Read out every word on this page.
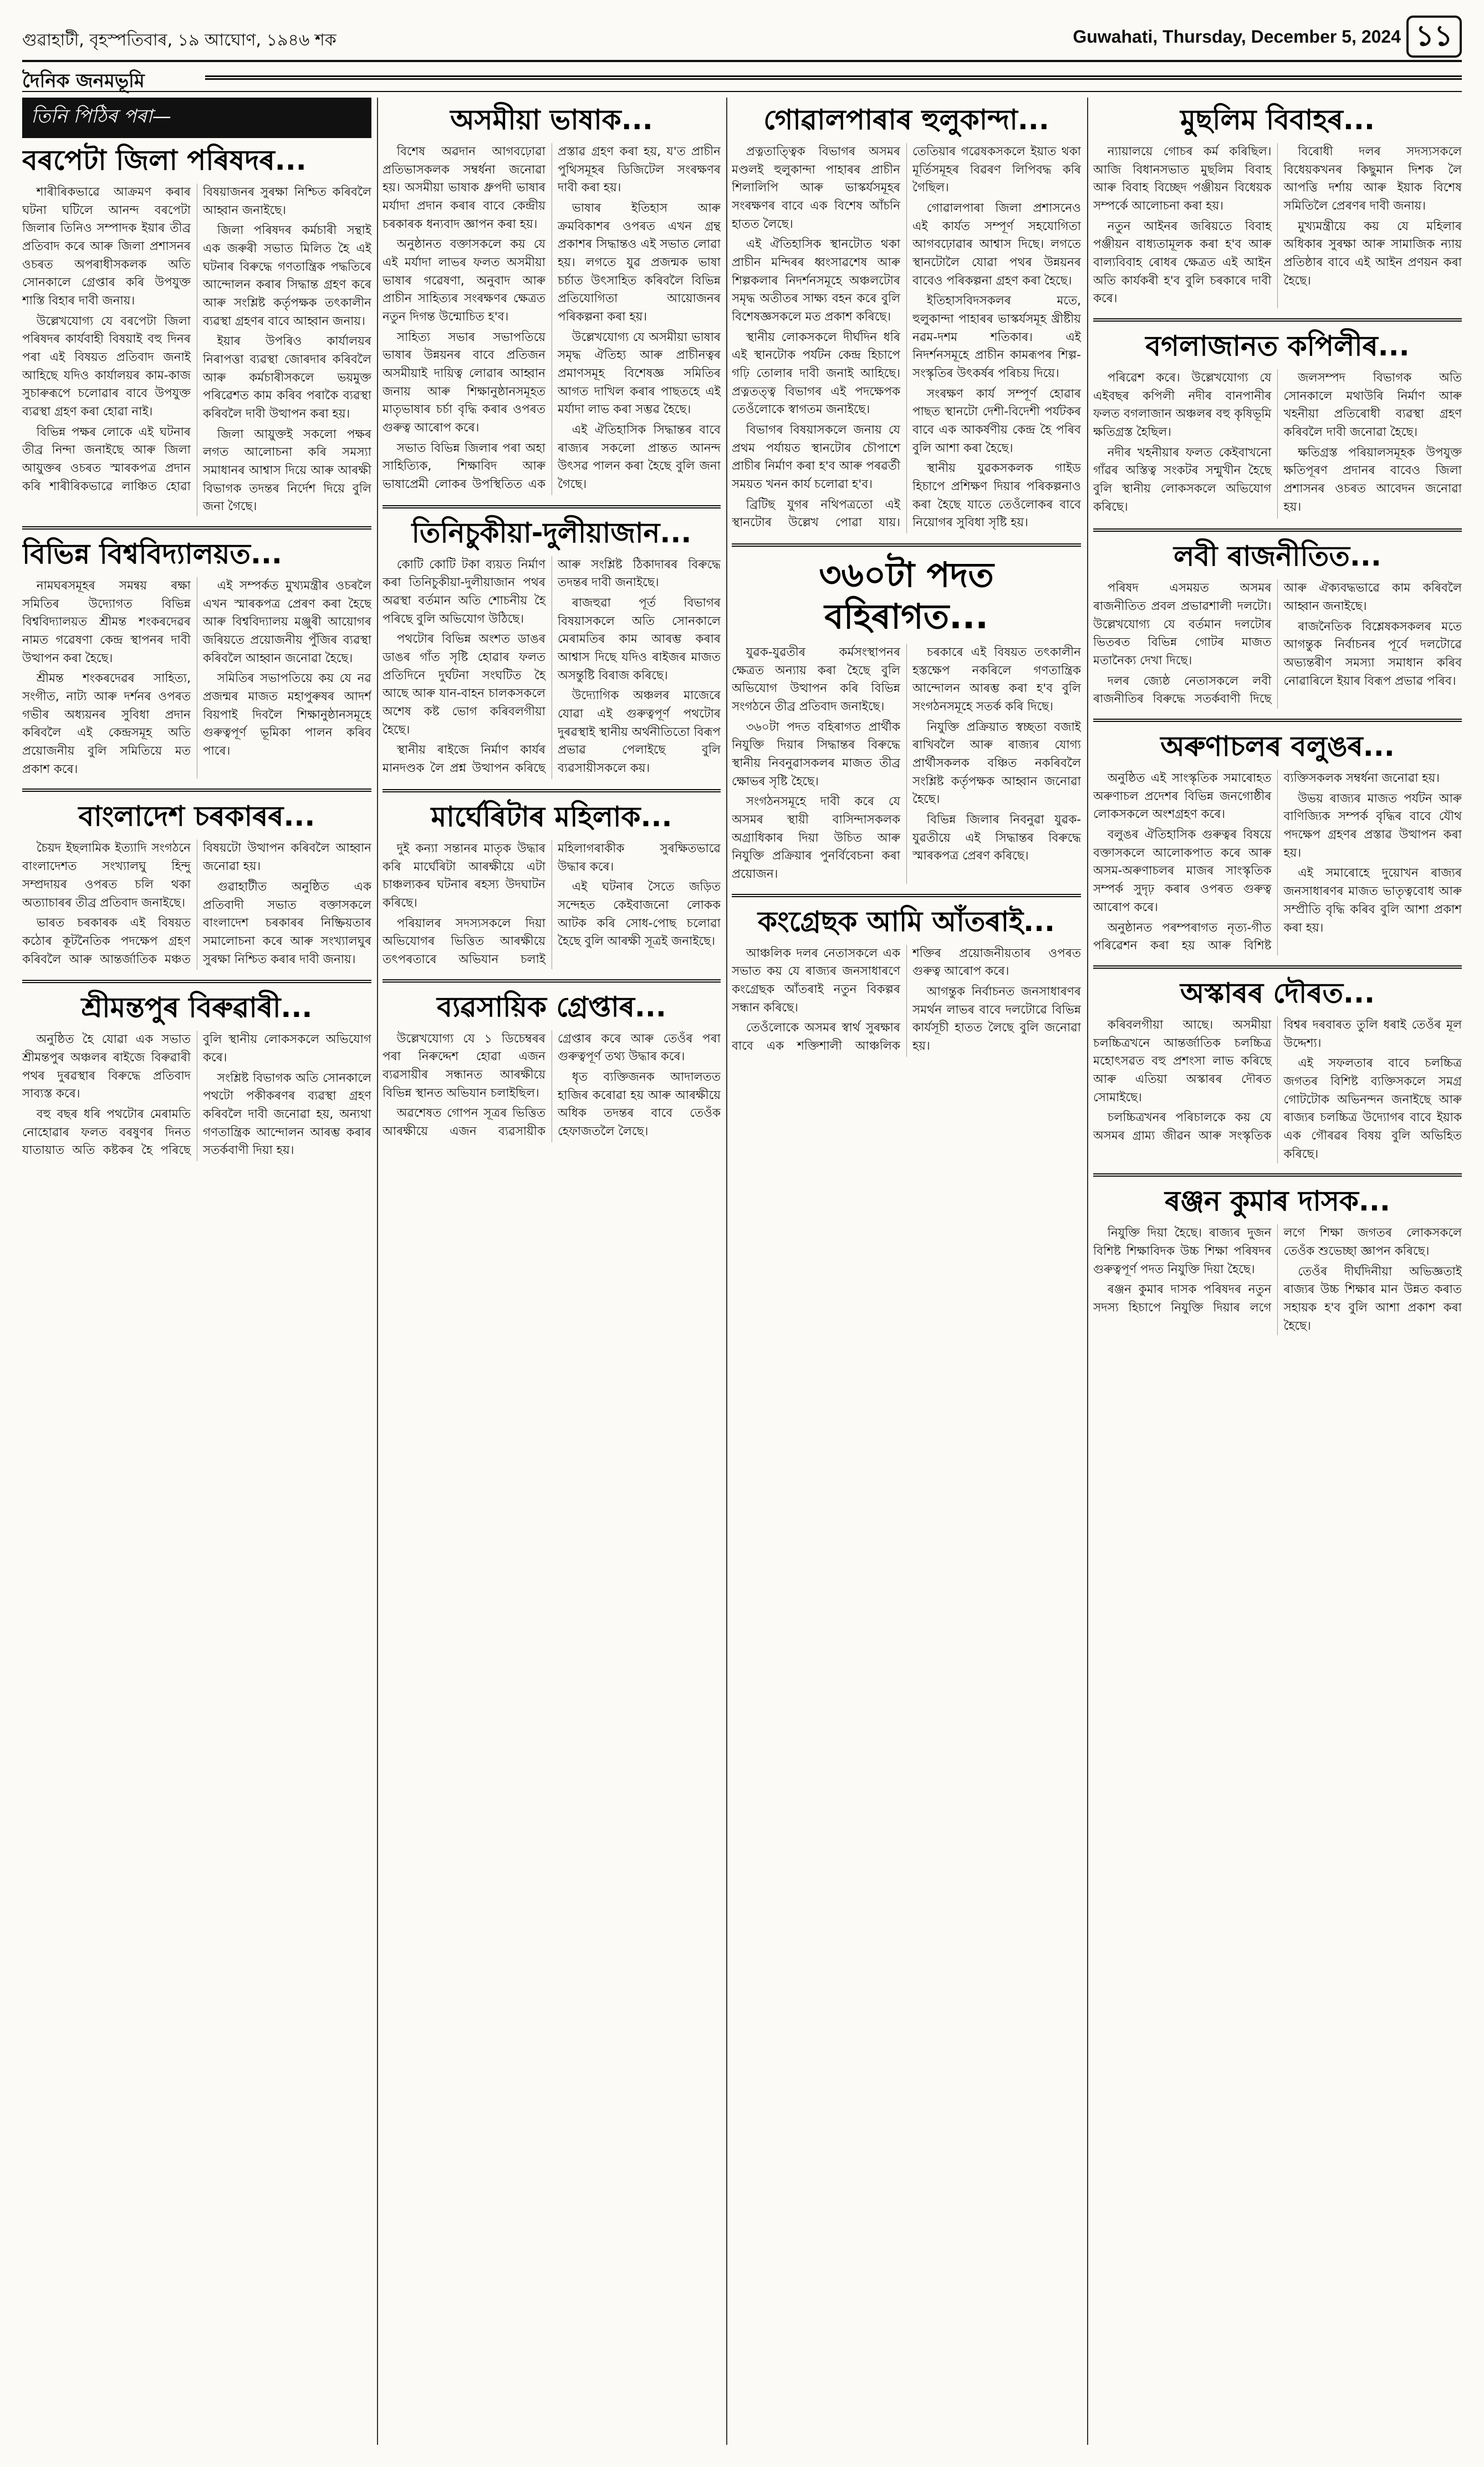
গুৱাহাটী, বৃহস্পতিবাৰ, ১৯ আঘোণ, ১৯৪৬ শক	Guwahati, Thursday, December 5, 2024 ১১
দৈনিক জনমভূমি
তিনি পিঠিৰ পৰা—
বৰপেটা জিলা পৰিষদৰ...

শাৰীৰিকভাৱে আক্ৰমণ কৰাৰ ঘটনা ঘটিলে আনন্দ বৰপেটা জিলাৰ তিনিও সম্পাদক ইয়াৰ তীব্ৰ প্ৰতিবাদ কৰে আৰু জিলা প্ৰশাসনৰ ওচৰত অপৰাধীসকলক অতি সোনকালে গ্ৰেপ্তাৰ কৰি উপযুক্ত শাস্তি বিহাৰ দাবী জনায়।

উল্লেখযোগ্য যে বৰপেটা জিলা পৰিষদৰ কাৰ্যবাহী বিষয়াই বহু দিনৰ পৰা এই বিষয়ত প্ৰতিবাদ জনাই আহিছে যদিও কাৰ্যালয়ৰ কাম-কাজ সুচাৰুৰূপে চলোৱাৰ বাবে উপযুক্ত ব্যৱস্থা গ্ৰহণ কৰা হোৱা নাই।

বিভিন্ন পক্ষৰ লোকে এই ঘটনাৰ তীব্ৰ নিন্দা জনাইছে আৰু জিলা আয়ুক্তৰ ওচৰত স্মাৰকপত্ৰ প্ৰদান কৰি শাৰীৰিকভাৱে লাঞ্চিত হোৱা বিষয়াজনৰ সুৰক্ষা নিশ্চিত কৰিবলৈ আহ্বান জনাইছে।

জিলা পৰিষদৰ কৰ্মচাৰী সন্থাই এক জৰুৰী সভাত মিলিত হৈ এই ঘটনাৰ বিৰুদ্ধে গণতান্ত্ৰিক পদ্ধতিৰে আন্দোলন কৰাৰ সিদ্ধান্ত গ্ৰহণ কৰে আৰু সংশ্লিষ্ট কৰ্তৃপক্ষক তৎকালীন ব্যৱস্থা গ্ৰহণৰ বাবে আহ্বান জনায়।

ইয়াৰ উপৰিও কাৰ্যালয়ৰ নিৰাপত্তা ব্যৱস্থা জোৰদাৰ কৰিবলৈ আৰু কৰ্মচাৰীসকলে ভয়মুক্ত পৰিৱেশত কাম কৰিব পৰাকৈ ব্যৱস্থা কৰিবলৈ দাবী উত্থাপন কৰা হয়।

জিলা আয়ুক্তই সকলো পক্ষৰ লগত আলোচনা কৰি সমস্যা সমাধানৰ আশ্বাস দিয়ে আৰু আৰক্ষী বিভাগক তদন্তৰ নিৰ্দেশ দিয়ে বুলি জনা গৈছে।

বিভিন্ন বিশ্ববিদ্যালয়ত...

নামঘৰসমূহৰ সমন্বয় ৰক্ষা সমিতিৰ উদ্যোগত বিভিন্ন বিশ্ববিদ্যালয়ত শ্ৰীমন্ত শংকৰদেৱৰ নামত গৱেষণা কেন্দ্ৰ স্থাপনৰ দাবী উত্থাপন কৰা হৈছে।

শ্ৰীমন্ত শংকৰদেৱৰ সাহিত্য, সংগীত, নাট্য আৰু দৰ্শনৰ ওপৰত গভীৰ অধ্যয়নৰ সুবিধা প্ৰদান কৰিবলৈ এই কেন্দ্ৰসমূহ অতি প্ৰয়োজনীয় বুলি সমিতিয়ে মত প্ৰকাশ কৰে।

এই সম্পৰ্কত মুখ্যমন্ত্ৰীৰ ওচৰলৈ এখন স্মাৰকপত্ৰ প্ৰেৰণ কৰা হৈছে আৰু বিশ্ববিদ্যালয় মঞ্জুৰী আয়োগৰ জৰিয়তে প্ৰয়োজনীয় পুঁজিৰ ব্যৱস্থা কৰিবলৈ আহ্বান জনোৱা হৈছে।

সমিতিৰ সভাপতিয়ে কয় যে নৱ প্ৰজন্মৰ মাজত মহাপুৰুষৰ আদৰ্শ বিয়পাই দিবলৈ শিক্ষানুষ্ঠানসমূহে গুৰুত্বপূৰ্ণ ভূমিকা পালন কৰিব পাৰে।

বাংলাদেশ চৰকাৰৰ...

চৈয়দ ইছলামিক ইত্যাদি সংগঠনে বাংলাদেশত সংখ্যালঘু হিন্দু সম্প্ৰদায়ৰ ওপৰত চলি থকা অত্যাচাৰৰ তীব্ৰ প্ৰতিবাদ জনাইছে।

ভাৰত চৰকাৰক এই বিষয়ত কঠোৰ কূটনৈতিক পদক্ষেপ গ্ৰহণ কৰিবলৈ আৰু আন্তৰ্জাতিক মঞ্চত বিষয়টো উত্থাপন কৰিবলৈ আহ্বান জনোৱা হয়।

গুৱাহাটীত অনুষ্ঠিত এক প্ৰতিবাদী সভাত বক্তাসকলে বাংলাদেশ চৰকাৰৰ নিষ্ক্ৰিয়তাৰ সমালোচনা কৰে আৰু সংখ্যালঘুৰ সুৰক্ষা নিশ্চিত কৰাৰ দাবী জনায়।

শ্ৰীমন্তপুৰ বিৰুৱাৰী...

অনুষ্ঠিত হৈ যোৱা এক সভাত শ্ৰীমন্তপুৰ অঞ্চলৰ ৰাইজে বিৰুৱাৰী পথৰ দুৰৱস্থাৰ বিৰুদ্ধে প্ৰতিবাদ সাব্যস্ত কৰে।

বহু বছৰ ধৰি পথটোৰ মেৰামতি নোহোৱাৰ ফলত বৰষুণৰ দিনত যাতায়াত অতি কষ্টকৰ হৈ পৰিছে বুলি স্থানীয় লোকসকলে অভিযোগ কৰে।

সংশ্লিষ্ট বিভাগক অতি সোনকালে পথটো পকীকৰণৰ ব্যৱস্থা গ্ৰহণ কৰিবলৈ দাবী জনোৱা হয়, অন্যথা গণতান্ত্ৰিক আন্দোলন আৰম্ভ কৰাৰ সতৰ্কবাণী দিয়া হয়।

অসমীয়া ভাষাক...

বিশেষ অৱদান আগবঢ়োৱা প্ৰতিভাসকলক সম্বৰ্ধনা জনোৱা হয়। অসমীয়া ভাষাক ধ্ৰুপদী ভাষাৰ মৰ্যাদা প্ৰদান কৰাৰ বাবে কেন্দ্ৰীয় চৰকাৰক ধন্যবাদ জ্ঞাপন কৰা হয়।

অনুষ্ঠানত বক্তাসকলে কয় যে এই মৰ্যাদা লাভৰ ফলত অসমীয়া ভাষাৰ গৱেষণা, অনুবাদ আৰু প্ৰাচীন সাহিত্যৰ সংৰক্ষণৰ ক্ষেত্ৰত নতুন দিগন্ত উন্মোচিত হ'ব।

সাহিত্য সভাৰ সভাপতিয়ে ভাষাৰ উন্নয়নৰ বাবে প্ৰতিজন অসমীয়াই দায়িত্ব লোৱাৰ আহ্বান জনায় আৰু শিক্ষানুষ্ঠানসমূহত মাতৃভাষাৰ চৰ্চা বৃদ্ধি কৰাৰ ওপৰত গুৰুত্ব আৰোপ কৰে।

সভাত বিভিন্ন জিলাৰ পৰা অহা সাহিত্যিক, শিক্ষাবিদ আৰু ভাষাপ্ৰেমী লোকৰ উপস্থিতিত এক প্ৰস্তাৱ গ্ৰহণ কৰা হয়, য'ত প্ৰাচীন পুথিসমূহৰ ডিজিটেল সংৰক্ষণৰ দাবী কৰা হয়।

ভাষাৰ ইতিহাস আৰু ক্ৰমবিকাশৰ ওপৰত এখন গ্ৰন্থ প্ৰকাশৰ সিদ্ধান্তও এই সভাত লোৱা হয়। লগতে যুৱ প্ৰজন্মক ভাষা চৰ্চাত উৎসাহিত কৰিবলৈ বিভিন্ন প্ৰতিযোগিতা আয়োজনৰ পৰিকল্পনা কৰা হয়।

উল্লেখযোগ্য যে অসমীয়া ভাষাৰ সমৃদ্ধ ঐতিহ্য আৰু প্ৰাচীনত্বৰ প্ৰমাণসমূহ বিশেষজ্ঞ সমিতিৰ আগত দাখিল কৰাৰ পাছতহে এই মৰ্যাদা লাভ কৰা সম্ভৱ হৈছে।

এই ঐতিহাসিক সিদ্ধান্তৰ বাবে ৰাজ্যৰ সকলো প্ৰান্তত আনন্দ উৎসৱ পালন কৰা হৈছে বুলি জনা গৈছে।

তিনিচুকীয়া-দুলীয়াজান...

কোটি কোটি টকা ব্যয়ত নিৰ্মাণ কৰা তিনিচুকীয়া-দুলীয়াজান পথৰ অৱস্থা বৰ্তমান অতি শোচনীয় হৈ পৰিছে বুলি অভিযোগ উঠিছে।

পথটোৰ বিভিন্ন অংশত ডাঙৰ ডাঙৰ গাঁত সৃষ্টি হোৱাৰ ফলত প্ৰতিদিনে দুৰ্ঘটনা সংঘটিত হৈ আছে আৰু যান-বাহন চালকসকলে অশেষ কষ্ট ভোগ কৰিবলগীয়া হৈছে।

স্থানীয় ৰাইজে নিৰ্মাণ কাৰ্যৰ মানদণ্ডক লৈ প্ৰশ্ন উত্থাপন কৰিছে আৰু সংশ্লিষ্ট ঠিকাদাৰৰ বিৰুদ্ধে তদন্তৰ দাবী জনাইছে।

ৰাজহুৱা পূৰ্ত বিভাগৰ বিষয়াসকলে অতি সোনকালে মেৰামতিৰ কাম আৰম্ভ কৰাৰ আশ্বাস দিছে যদিও ৰাইজৰ মাজত অসন্তুষ্টি বিৰাজ কৰিছে।

উদ্যোগিক অঞ্চলৰ মাজেৰে যোৱা এই গুৰুত্বপূৰ্ণ পথটোৰ দুৰৱস্থাই স্থানীয় অৰ্থনীতিতো বিৰূপ প্ৰভাৱ পেলাইছে বুলি ব্যৱসায়ীসকলে কয়।

মাৰ্ঘেৰিটাৰ মহিলাক...

দুই কন্যা সন্তানৰ মাতৃক উদ্ধাৰ কৰি মাৰ্ঘেৰিটা আৰক্ষীয়ে এটা চাঞ্চল্যকৰ ঘটনাৰ ৰহস্য উদঘাটন কৰিছে।

পৰিয়ালৰ সদস্যসকলে দিয়া অভিযোগৰ ভিত্তিত আৰক্ষীয়ে তৎপৰতাৰে অভিযান চলাই মহিলাগৰাকীক সুৰক্ষিতভাৱে উদ্ধাৰ কৰে।

এই ঘটনাৰ সৈতে জড়িত সন্দেহত কেইবাজনো লোকক আটক কৰি সোধ-পোছ চলোৱা হৈছে বুলি আৰক্ষী সূত্ৰই জনাইছে।

ব্যৱসায়িক গ্ৰেপ্তাৰ...

উল্লেখযোগ্য যে ১ ডিচেম্বৰৰ পৰা নিৰুদ্দেশ হোৱা এজন ব্যৱসায়ীৰ সন্ধানত আৰক্ষীয়ে বিভিন্ন স্থানত অভিযান চলাইছিল।

অৱশেষত গোপন সূত্ৰৰ ভিত্তিত আৰক্ষীয়ে এজন ব্যৱসায়ীক গ্ৰেপ্তাৰ কৰে আৰু তেওঁৰ পৰা গুৰুত্বপূৰ্ণ তথ্য উদ্ধাৰ কৰে।

ধৃত ব্যক্তিজনক আদালতত হাজিৰ কৰোৱা হয় আৰু আৰক্ষীয়ে অধিক তদন্তৰ বাবে তেওঁক হেফাজতলৈ লৈছে।

গোৱালপাৰাৰ হুলুকান্দা...

প্ৰত্নতাত্ত্বিক বিভাগৰ অসমৰ মণ্ডলই হুলুকান্দা পাহাৰৰ প্ৰাচীন শিলালিপি আৰু ভাস্কৰ্যসমূহৰ সংৰক্ষণৰ বাবে এক বিশেষ আঁচনি হাতত লৈছে।

এই ঐতিহাসিক স্থানটোত থকা প্ৰাচীন মন্দিৰৰ ধ্বংসাৱশেষ আৰু শিল্পকলাৰ নিদৰ্শনসমূহে অঞ্চলটোৰ সমৃদ্ধ অতীতৰ সাক্ষ্য বহন কৰে বুলি বিশেষজ্ঞসকলে মত প্ৰকাশ কৰিছে।

স্থানীয় লোকসকলে দীৰ্ঘদিন ধৰি এই স্থানটোক পৰ্যটন কেন্দ্ৰ হিচাপে গঢ়ি তোলাৰ দাবী জনাই আহিছে। প্ৰত্নতত্ত্ব বিভাগৰ এই পদক্ষেপক তেওঁলোকে স্বাগতম জনাইছে।

বিভাগৰ বিষয়াসকলে জনায় যে প্ৰথম পৰ্যায়ত স্থানটোৰ চৌপাশে প্ৰাচীৰ নিৰ্মাণ কৰা হ'ব আৰু পৰৱৰ্তী সময়ত খনন কাৰ্য চলোৱা হ'ব।

ব্ৰিটিছ যুগৰ নথিপত্ৰতো এই স্থানটোৰ উল্লেখ পোৱা যায়। তেতিয়াৰ গৱেষকসকলে ইয়াত থকা মূৰ্তিসমূহৰ বিৱৰণ লিপিবদ্ধ কৰি গৈছিল।

গোৱালপাৰা জিলা প্ৰশাসনেও এই কাৰ্যত সম্পূৰ্ণ সহযোগিতা আগবঢ়োৱাৰ আশ্বাস দিছে। লগতে স্থানটোলৈ যোৱা পথৰ উন্নয়নৰ বাবেও পৰিকল্পনা গ্ৰহণ কৰা হৈছে।

ইতিহাসবিদসকলৰ মতে, হুলুকান্দা পাহাৰৰ ভাস্কৰ্যসমূহ খ্ৰীষ্টীয় নৱম-দশম শতিকাৰ। এই নিদৰ্শনসমূহে প্ৰাচীন কামৰূপৰ শিল্প-সংস্কৃতিৰ উৎকৰ্ষৰ পৰিচয় দিয়ে।

সংৰক্ষণ কাৰ্য সম্পূৰ্ণ হোৱাৰ পাছত স্থানটো দেশী-বিদেশী পৰ্যটকৰ বাবে এক আকৰ্ষণীয় কেন্দ্ৰ হৈ পৰিব বুলি আশা কৰা হৈছে।

স্থানীয় যুৱকসকলক গাইড হিচাপে প্ৰশিক্ষণ দিয়াৰ পৰিকল্পনাও কৰা হৈছে যাতে তেওঁলোকৰ বাবে নিয়োগৰ সুবিধা সৃষ্টি হয়।

৩৬০টা পদত বহিৰাগত...

যুৱক-যুৱতীৰ কৰ্মসংস্থাপনৰ ক্ষেত্ৰত অন্যায় কৰা হৈছে বুলি অভিযোগ উত্থাপন কৰি বিভিন্ন সংগঠনে তীব্ৰ প্ৰতিবাদ জনাইছে।

৩৬০টা পদত বহিৰাগত প্ৰাৰ্থীক নিযুক্তি দিয়াৰ সিদ্ধান্তৰ বিৰুদ্ধে স্থানীয় নিবনুৱাসকলৰ মাজত তীব্ৰ ক্ষোভৰ সৃষ্টি হৈছে।

সংগঠনসমূহে দাবী কৰে যে অসমৰ স্থায়ী বাসিন্দাসকলক অগ্ৰাধিকাৰ দিয়া উচিত আৰু নিযুক্তি প্ৰক্ৰিয়াৰ পুনৰ্বিবেচনা কৰা প্ৰয়োজন।

চৰকাৰে এই বিষয়ত তৎকালীন হস্তক্ষেপ নকৰিলে গণতান্ত্ৰিক আন্দোলন আৰম্ভ কৰা হ'ব বুলি সংগঠনসমূহে সতৰ্ক কৰি দিছে।

নিযুক্তি প্ৰক্ৰিয়াত স্বচ্ছতা বজাই ৰাখিবলৈ আৰু ৰাজ্যৰ যোগ্য প্ৰাৰ্থীসকলক বঞ্চিত নকৰিবলৈ সংশ্লিষ্ট কৰ্তৃপক্ষক আহ্বান জনোৱা হৈছে।

বিভিন্ন জিলাৰ নিবনুৱা যুৱক-যুৱতীয়ে এই সিদ্ধান্তৰ বিৰুদ্ধে স্মাৰকপত্ৰ প্ৰেৰণ কৰিছে।

কংগ্ৰেছক আমি আঁতৰাই...

আঞ্চলিক দলৰ নেতাসকলে এক সভাত কয় যে ৰাজ্যৰ জনসাধাৰণে কংগ্ৰেছক আঁতৰাই নতুন বিকল্পৰ সন্ধান কৰিছে।

তেওঁলোকে অসমৰ স্বাৰ্থ সুৰক্ষাৰ বাবে এক শক্তিশালী আঞ্চলিক শক্তিৰ প্ৰয়োজনীয়তাৰ ওপৰত গুৰুত্ব আৰোপ কৰে।

আগন্তুক নিৰ্বাচনত জনসাধাৰণৰ সমৰ্থন লাভৰ বাবে দলটোৱে বিভিন্ন কাৰ্যসূচী হাতত লৈছে বুলি জনোৱা হয়।

মুছলিম বিবাহৰ...

ন্যায়ালয়ে গোচৰ কৰ্ম কৰিছিল। আজি বিধানসভাত মুছলিম বিবাহ আৰু বিবাহ বিচ্ছেদ পঞ্জীয়ন বিধেয়ক সম্পৰ্কে আলোচনা কৰা হয়।

নতুন আইনৰ জৰিয়তে বিবাহ পঞ্জীয়ন বাধ্যতামূলক কৰা হ'ব আৰু বাল্যবিবাহ ৰোধৰ ক্ষেত্ৰত এই আইন অতি কাৰ্যকৰী হ'ব বুলি চৰকাৰে দাবী কৰে।

বিৰোধী দলৰ সদস্যসকলে বিধেয়কখনৰ কিছুমান দিশক লৈ আপত্তি দৰ্শায় আৰু ইয়াক বিশেষ সমিতিলৈ প্ৰেৰণৰ দাবী জনায়।

মুখ্যমন্ত্ৰীয়ে কয় যে মহিলাৰ অধিকাৰ সুৰক্ষা আৰু সামাজিক ন্যায় প্ৰতিষ্ঠাৰ বাবে এই আইন প্ৰণয়ন কৰা হৈছে।

বগলাজানত কপিলীৰ...

পৰিৱেশ কৰে। উল্লেখযোগ্য যে এইবছৰ কপিলী নদীৰ বানপানীৰ ফলত বগলাজান অঞ্চলৰ বহু কৃষিভূমি ক্ষতিগ্ৰস্ত হৈছিল।

নদীৰ খহনীয়াৰ ফলত কেইবাখনো গাঁৱৰ অস্তিত্ব সংকটৰ সন্মুখীন হৈছে বুলি স্থানীয় লোকসকলে অভিযোগ কৰিছে।

জলসম্পদ বিভাগক অতি সোনকালে মথাউৰি নিৰ্মাণ আৰু খহনীয়া প্ৰতিৰোধী ব্যৱস্থা গ্ৰহণ কৰিবলৈ দাবী জনোৱা হৈছে।

ক্ষতিগ্ৰস্ত পৰিয়ালসমূহক উপযুক্ত ক্ষতিপূৰণ প্ৰদানৰ বাবেও জিলা প্ৰশাসনৰ ওচৰত আবেদন জনোৱা হয়।

লবী ৰাজনীতিত...

পৰিষদ এসময়ত অসমৰ ৰাজনীতিত প্ৰবল প্ৰভাৱশালী দলটো। উল্লেখযোগ্য যে বৰ্তমান দলটোৰ ভিতৰত বিভিন্ন গোটৰ মাজত মতানৈক্য দেখা দিছে।

দলৰ জ্যেষ্ঠ নেতাসকলে লবী ৰাজনীতিৰ বিৰুদ্ধে সতৰ্কবাণী দিছে আৰু ঐক্যবদ্ধভাৱে কাম কৰিবলৈ আহ্বান জনাইছে।

ৰাজনৈতিক বিশ্লেষকসকলৰ মতে আগন্তুক নিৰ্বাচনৰ পূৰ্বে দলটোৱে অভ্যন্তৰীণ সমস্যা সমাধান কৰিব নোৱাৰিলে ইয়াৰ বিৰূপ প্ৰভাৱ পৰিব।

অৰুণাচলৰ বলুঙৰ...

অনুষ্ঠিত এই সাংস্কৃতিক সমাৰোহত অৰুণাচল প্ৰদেশৰ বিভিন্ন জনগোষ্ঠীৰ লোকসকলে অংশগ্ৰহণ কৰে।

বলুঙৰ ঐতিহাসিক গুৰুত্বৰ বিষয়ে বক্তাসকলে আলোকপাত কৰে আৰু অসম-অৰুণাচলৰ মাজৰ সাংস্কৃতিক সম্পৰ্ক সুদৃঢ় কৰাৰ ওপৰত গুৰুত্ব আৰোপ কৰে।

অনুষ্ঠানত পৰম্পৰাগত নৃত্য-গীত পৰিৱেশন কৰা হয় আৰু বিশিষ্ট ব্যক্তিসকলক সম্বৰ্ধনা জনোৱা হয়।

উভয় ৰাজ্যৰ মাজত পৰ্যটন আৰু বাণিজ্যিক সম্পৰ্ক বৃদ্ধিৰ বাবে যৌথ পদক্ষেপ গ্ৰহণৰ প্ৰস্তাৱ উত্থাপন কৰা হয়।

এই সমাৰোহে দুয়োখন ৰাজ্যৰ জনসাধাৰণৰ মাজত ভাতৃত্ববোধ আৰু সম্প্ৰীতি বৃদ্ধি কৰিব বুলি আশা প্ৰকাশ কৰা হয়।

অস্কাৰৰ দৌৰত...

কৰিবলগীয়া আছে। অসমীয়া চলচ্চিত্ৰখনে আন্তৰ্জাতিক চলচ্চিত্ৰ মহোৎসৱত বহু প্ৰশংসা লাভ কৰিছে আৰু এতিয়া অস্কাৰৰ দৌৰত সোমাইছে।

চলচ্চিত্ৰখনৰ পৰিচালকে কয় যে অসমৰ গ্ৰাম্য জীৱন আৰু সংস্কৃতিক বিশ্বৰ দৰবাৰত তুলি ধৰাই তেওঁৰ মূল উদ্দেশ্য।

এই সফলতাৰ বাবে চলচ্চিত্ৰ জগতৰ বিশিষ্ট ব্যক্তিসকলে সমগ্ৰ গোটটোক অভিনন্দন জনাইছে আৰু ৰাজ্যৰ চলচ্চিত্ৰ উদ্যোগৰ বাবে ইয়াক এক গৌৰৱৰ বিষয় বুলি অভিহিত কৰিছে।

ৰঞ্জন কুমাৰ দাসক...

নিযুক্তি দিয়া হৈছে। ৰাজ্যৰ দুজন বিশিষ্ট শিক্ষাবিদক উচ্চ শিক্ষা পৰিষদৰ গুৰুত্বপূৰ্ণ পদত নিযুক্তি দিয়া হৈছে।

ৰঞ্জন কুমাৰ দাসক পৰিষদৰ নতুন সদস্য হিচাপে নিযুক্তি দিয়াৰ লগে লগে শিক্ষা জগতৰ লোকসকলে তেওঁক শুভেচ্ছা জ্ঞাপন কৰিছে।

তেওঁৰ দীৰ্ঘদিনীয়া অভিজ্ঞতাই ৰাজ্যৰ উচ্চ শিক্ষাৰ মান উন্নত কৰাত সহায়ক হ'ব বুলি আশা প্ৰকাশ কৰা হৈছে।
